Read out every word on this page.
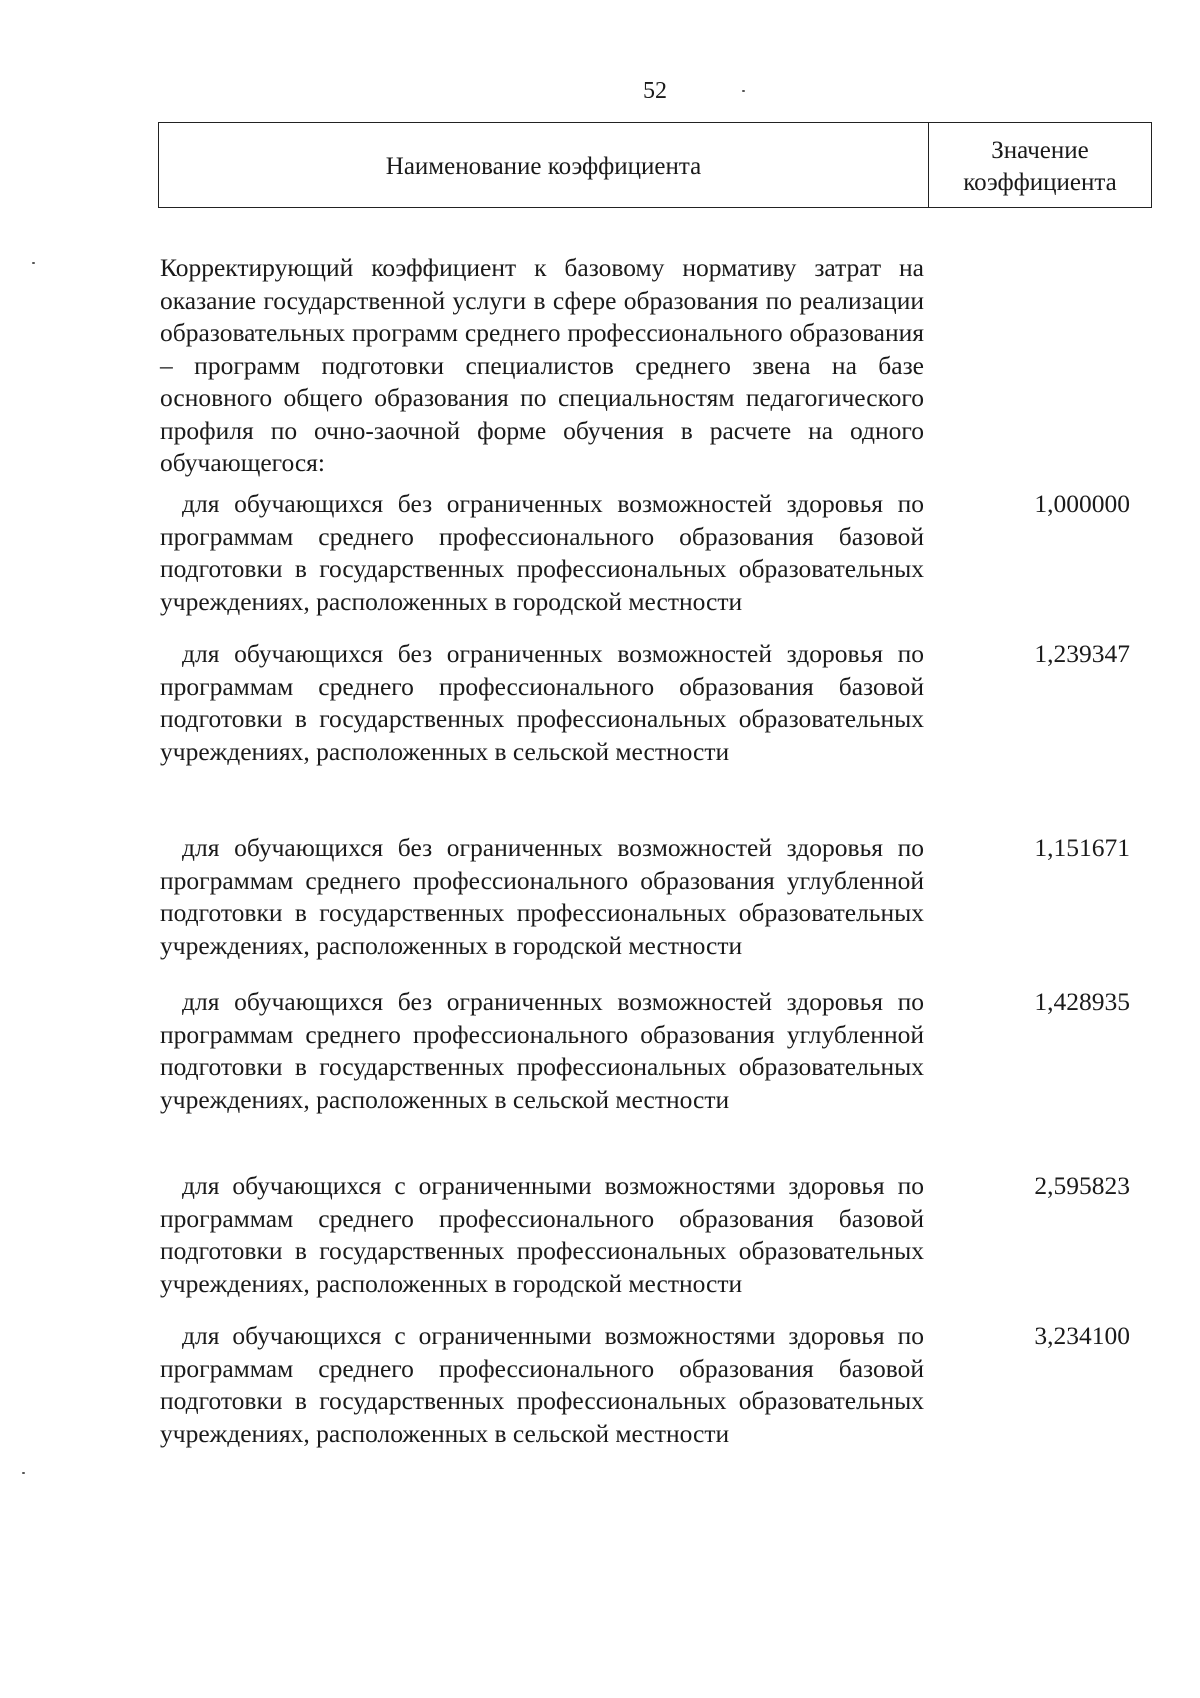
52
Наименование коэффициента
Значение коэффициента

Корректирующий коэффициент к базовому нормативу затрат на оказание государственной услуги в сфере образования по реализации образовательных программ среднего профессионального образования – программ подготовки специалистов среднего звена на базе основного общего образования по специальностям педагогического профиля по очно-заочной форме обучения в расчете на одного обучающегося:

для обучающихся без ограниченных возможностей здоровья по программам среднего профессионального образования базовой подготовки в государственных профессиональных образовательных учреждениях, расположенных в городской местности

1,000000

для обучающихся без ограниченных возможностей здоровья по программам среднего профессионального образования базовой подготовки в государственных профессиональных образовательных учреждениях, расположенных в сельской местности

1,239347

для обучающихся без ограниченных возможностей здоровья по программам среднего профессионального образования углубленной подготовки в государственных профессиональных образовательных учреждениях, расположенных в городской местности

1,151671

для обучающихся без ограниченных возможностей здоровья по программам среднего профессионального образования углубленной подготовки в государственных профессиональных образовательных учреждениях, расположенных в сельской местности

1,428935

для обучающихся с ограниченными возможностями здоровья по программам среднего профессионального образования базовой подготовки в государственных профессиональных образовательных учреждениях, расположенных в городской местности

2,595823

для обучающихся с ограниченными возможностями здоровья по программам среднего профессионального образования базовой подготовки в государственных профессиональных образовательных учреждениях, расположенных в сельской местности

3,234100
